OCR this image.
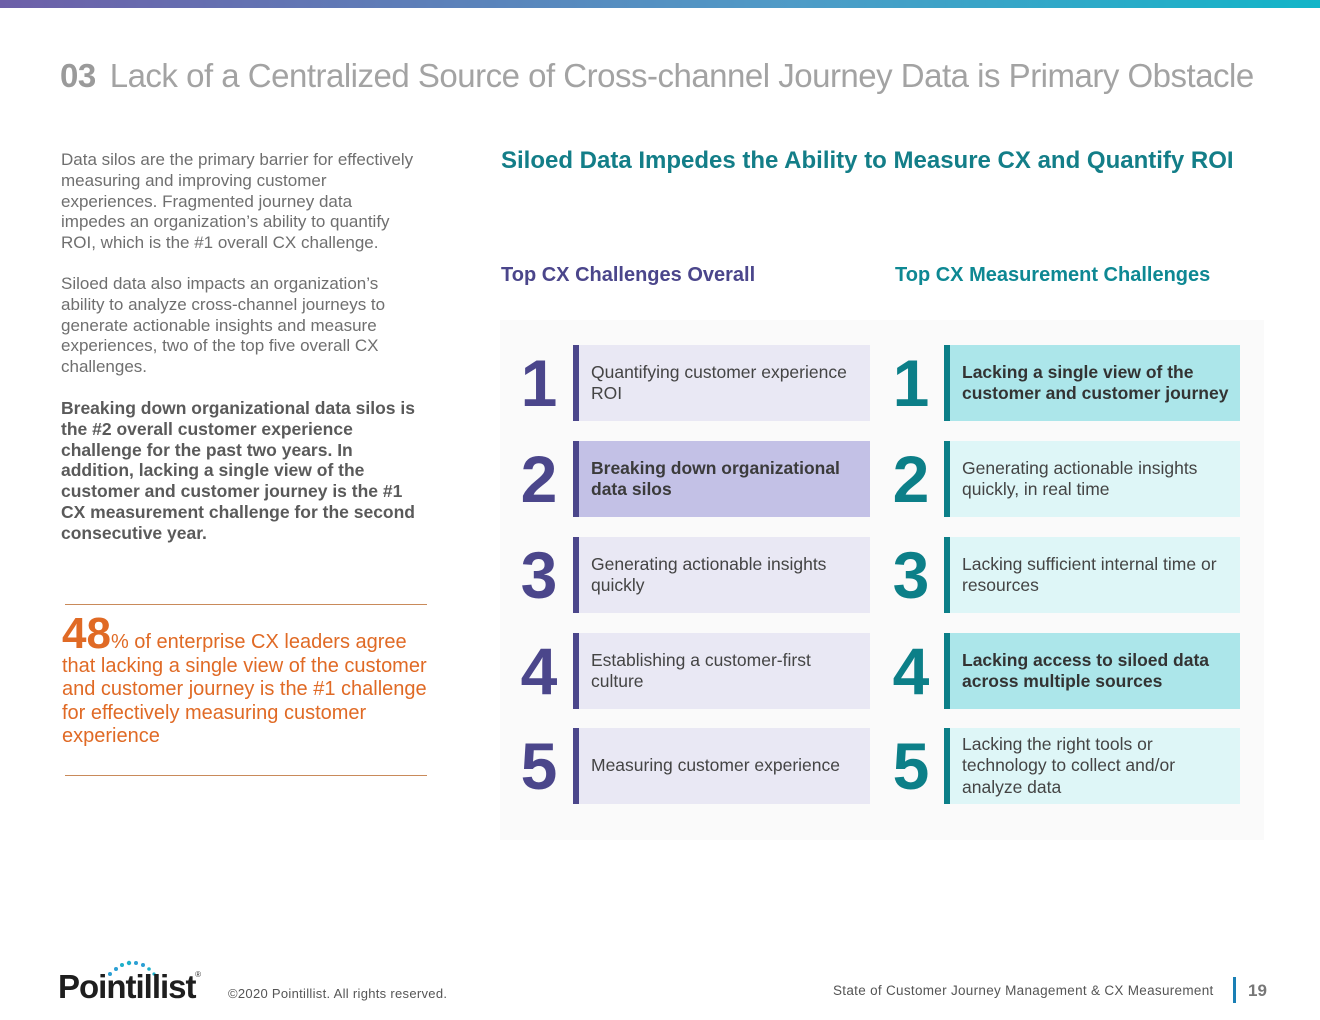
03 Lack of a Centralized Source of Cross-channel Journey Data is Primary Obstacle

Data silos are the primary barrier for effectively measuring and improving customer experiences. Fragmented journey data impedes an organization’s ability to quantify ROI, which is the #1 overall CX challenge.

Siloed data also impacts an organization’s ability to analyze cross-channel journeys to generate actionable insights and measure experiences, two of the top five overall CX challenges.

Breaking down organizational data silos is the #2 overall customer experience challenge for the past two years. In addition, lacking a single view of the customer and customer journey is the #1 CX measurement challenge for the second consecutive year.

48% of enterprise CX leaders agree that lacking a single view of the customer and customer journey is the #1 challenge for effectively measuring customer experience
Siloed Data Impedes the Ability to Measure CX and Quantify ROI
Top CX Challenges Overall	Top CX Measurement Challenges
1	Quantifying customer experience ROI
2	Breaking down organizational data silos
3	Generating actionable insights quickly
4	Establishing a customer-first culture
5	Measuring customer experience
1	Lacking a single view of the customer and customer journey
2	Generating actionable insights quickly, in real time
3	Lacking sufficient internal time or resources
4	Lacking access to siloed data across multiple sources
5	Lacking the right tools or technology to collect and/or analyze data
Pointillist ®
©2020 Pointillist. All rights reserved.	State of Customer Journey Management & CX Measurement 19
